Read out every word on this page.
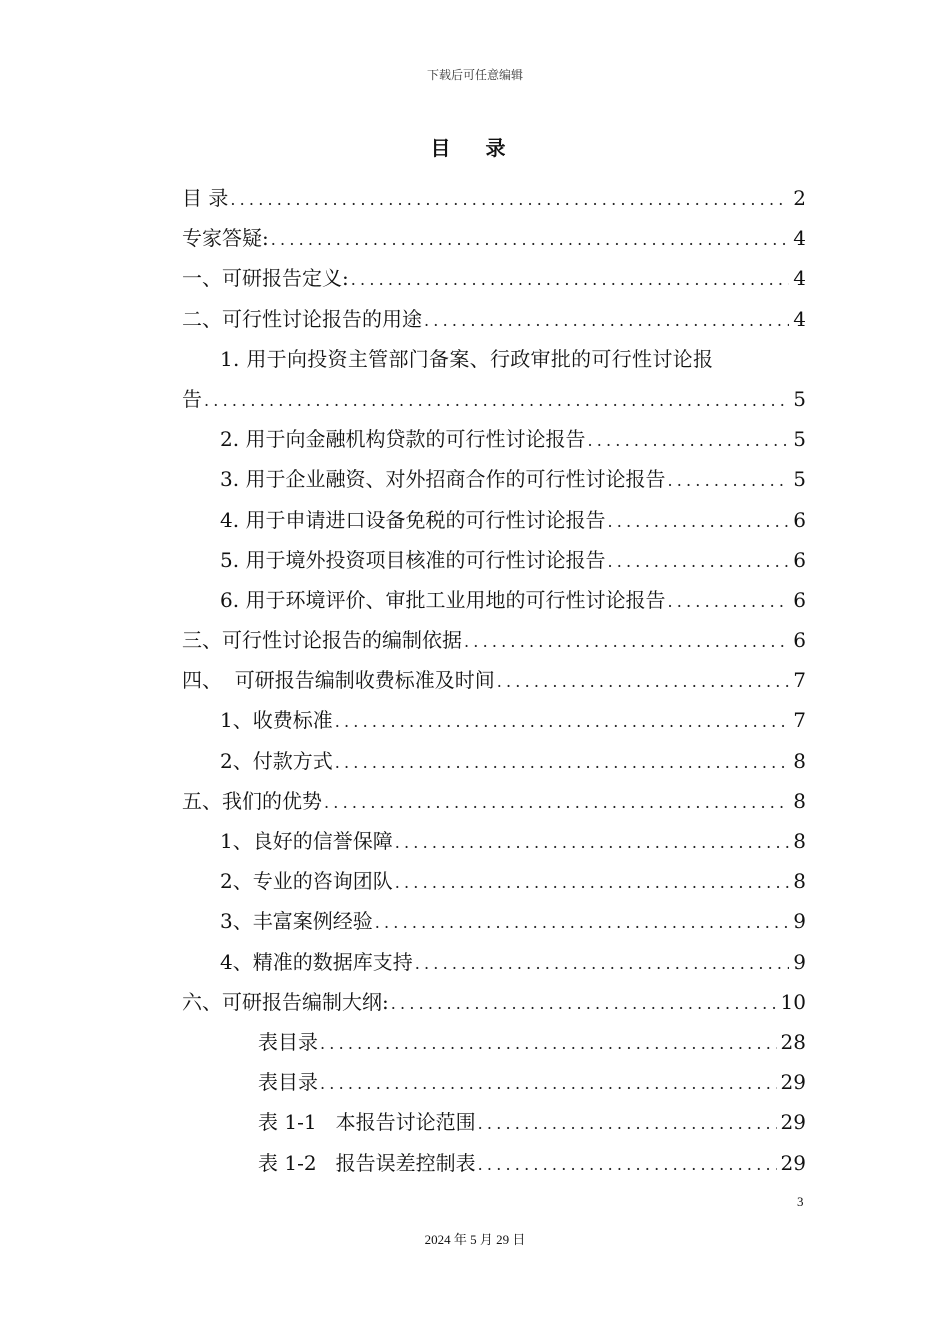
下载后可任意编辑
目 录
目 录 .....	2
专家答疑: .....	4
一、可研报告定义: .....	4
二、可行性讨论报告的用途 .....	4
1. 用于向投资主管部门备案、行政审批的可行性讨论报
告 .....	5
2. 用于向金融机构贷款的可行性讨论报告 .....	5
3. 用于企业融资、对外招商合作的可行性讨论报告 .....	5
4. 用于申请进口设备免税的可行性讨论报告 .....	6
5. 用于境外投资项目核准的可行性讨论报告 .....	6
6. 用于环境评价、审批工业用地的可行性讨论报告 .....	6
三、可行性讨论报告的编制依据 .....	6
四、  可研报告编制收费标准及时间 .....	7
1、收费标准 .....	7
2、付款方式 .....	8
五、我们的优势 .....	8
1、良好的信誉保障 .....	8
2、专业的咨询团队 .....	8
3、丰富案例经验 .....	9
4、精准的数据库支持 .....	9
六、可研报告编制大纲: .....	10
表目录 .....	28
表目录 .....	29
表 1-1   本报告讨论范围 .....	29
表 1-2   报告误差控制表 .....	29
3
2024 年 5 月 29 日
